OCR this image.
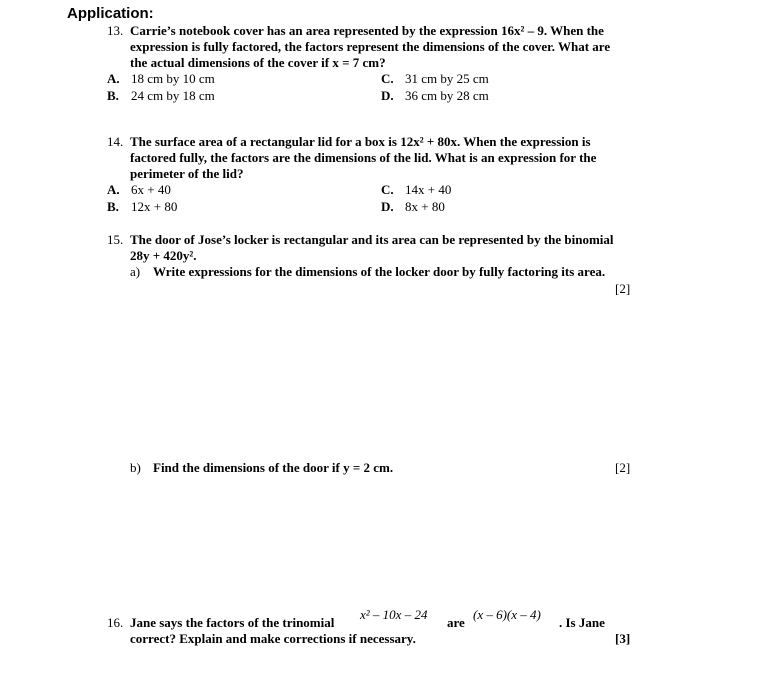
Application:
13. Carrie’s notebook cover has an area represented by the expression 16x² – 9. When the
expression is fully factored, the factors represent the dimensions of the cover. What are
the actual dimensions of the cover if x = 7 cm?
A. 18 cm by 10 cm
B. 24 cm by 18 cm
C. 31 cm by 25 cm
D. 36 cm by 28 cm
14. The surface area of a rectangular lid for a box is 12x² + 80x. When the expression is
factored fully, the factors are the dimensions of the lid. What is an expression for the
perimeter of the lid?
A. 6x + 40
B. 12x + 80
C. 14x + 40
D. 8x + 80
15. The door of Jose’s locker is rectangular and its area can be represented by the binomial
28y + 420y².
a) Write expressions for the dimensions of the locker door by fully factoring its area.
[2]
b) Find the dimensions of the door if y = 2 cm.	[2]
16. Jane says the factors of the trinomial
x² – 10x – 24
are
(x – 6)(x – 4)
. Is Jane
correct? Explain and make corrections if necessary.	[3]
